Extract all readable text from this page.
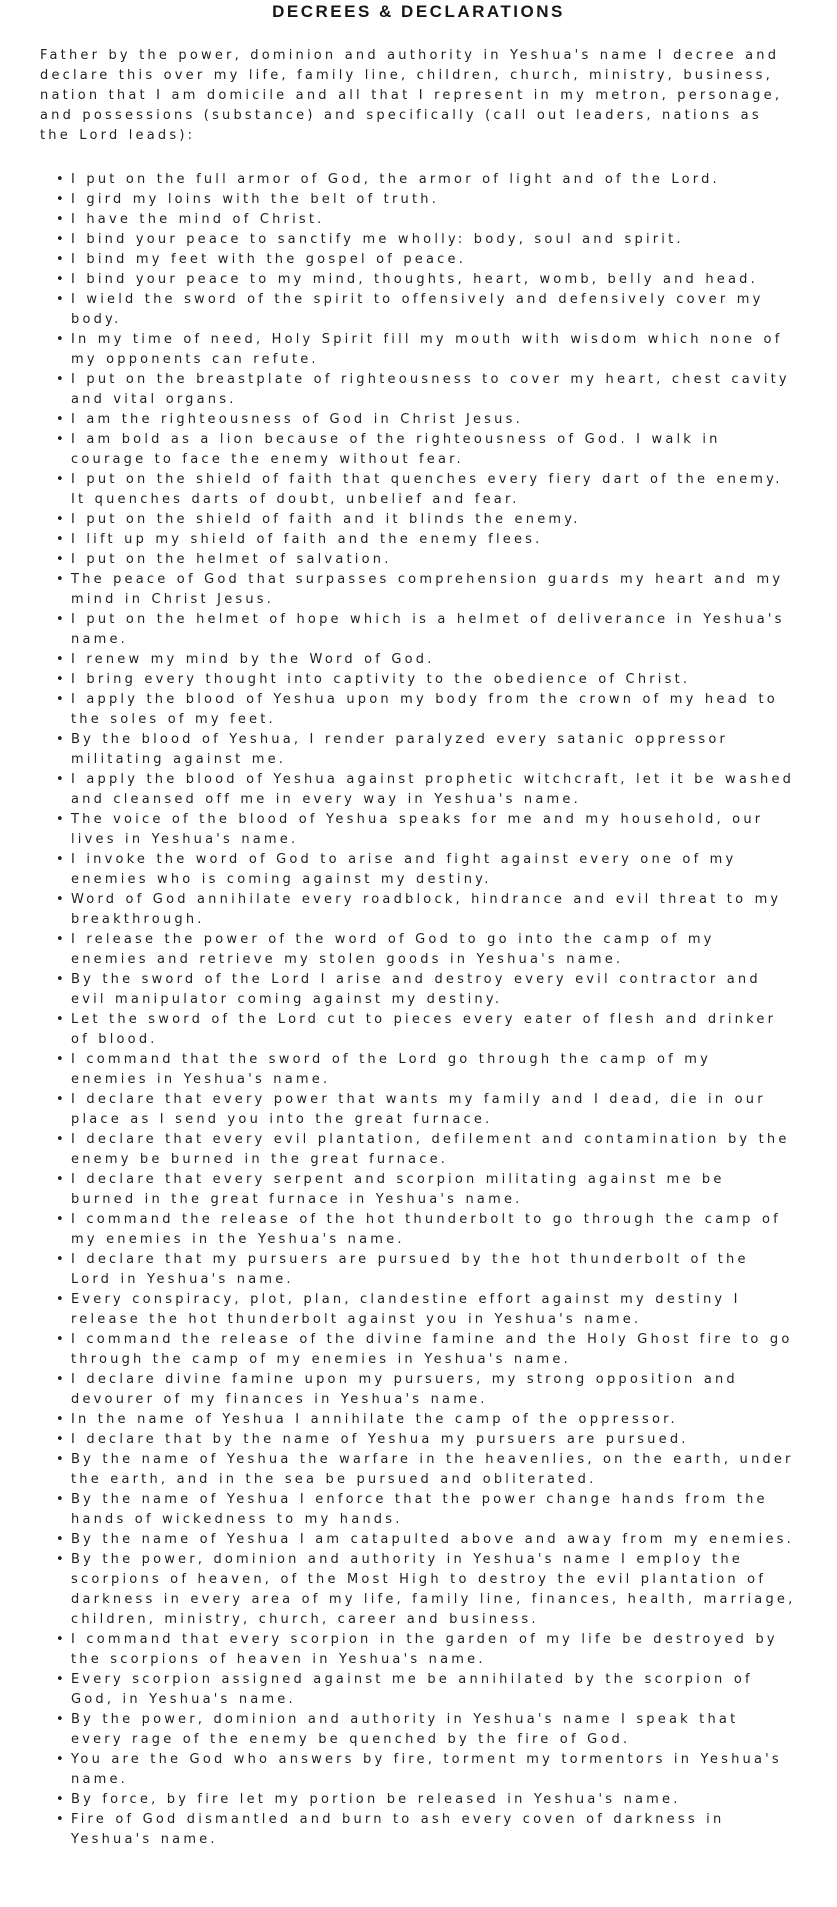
DECREES & DECLARATIONS

Father by the power, dominion and authority in Yeshua's name I decree and declare this over my life, family line, children, church, ministry, business, nation that I am domicile and all that I represent in my metron, personage, and possessions (substance) and specifically (call out leaders, nations as the Lord leads):

• I put on the full armor of God, the armor of light and of the Lord.
• I gird my loins with the belt of truth.
• I have the mind of Christ.
• I bind your peace to sanctify me wholly: body, soul and spirit.
• I bind my feet with the gospel of peace.
• I bind your peace to my mind, thoughts, heart, womb, belly and head.
• I wield the sword of the spirit to offensively and defensively cover my body.
• In my time of need, Holy Spirit fill my mouth with wisdom which none of my opponents can refute.
• I put on the breastplate of righteousness to cover my heart, chest cavity and vital organs.
• I am the righteousness of God in Christ Jesus.
• I am bold as a lion because of the righteousness of God. I walk in courage to face the enemy without fear.
• I put on the shield of faith that quenches every fiery dart of the enemy. It quenches darts of doubt, unbelief and fear.
• I put on the shield of faith and it blinds the enemy.
• I lift up my shield of faith and the enemy flees.
• I put on the helmet of salvation.
• The peace of God that surpasses comprehension guards my heart and my mind in Christ Jesus.
• I put on the helmet of hope which is a helmet of deliverance in Yeshua's name.
• I renew my mind by the Word of God.
• I bring every thought into captivity to the obedience of Christ.
• I apply the blood of Yeshua upon my body from the crown of my head to the soles of my feet.
• By the blood of Yeshua, I render paralyzed every satanic oppressor militating against me.
• I apply the blood of Yeshua against prophetic witchcraft, let it be washed and cleansed off me in every way in Yeshua's name.
• The voice of the blood of Yeshua speaks for me and my household, our lives in Yeshua's name.
• I invoke the word of God to arise and fight against every one of my enemies who is coming against my destiny.
• Word of God annihilate every roadblock, hindrance and evil threat to my breakthrough.
• I release the power of the word of God to go into the camp of my enemies and retrieve my stolen goods in Yeshua's name.
• By the sword of the Lord I arise and destroy every evil contractor and evil manipulator coming against my destiny.
• Let the sword of the Lord cut to pieces every eater of flesh and drinker of blood.
• I command that the sword of the Lord go through the camp of my enemies in Yeshua's name.
• I declare that every power that wants my family and I dead, die in our place as I send you into the great furnace.
• I declare that every evil plantation, defilement and contamination by the enemy be burned in the great furnace.
• I declare that every serpent and scorpion militating against me be burned in the great furnace in Yeshua's name.
• I command the release of the hot thunderbolt to go through the camp of my enemies in the Yeshua's name.
• I declare that my pursuers are pursued by the hot thunderbolt of the Lord in Yeshua's name.
• Every conspiracy, plot, plan, clandestine effort against my destiny I release the hot thunderbolt against you in Yeshua's name.
• I command the release of the divine famine and the Holy Ghost fire to go through the camp of my enemies in Yeshua's name.
• I declare divine famine upon my pursuers, my strong opposition and devourer of my finances in Yeshua's name.
• In the name of Yeshua I annihilate the camp of the oppressor.
• I declare that by the name of Yeshua my pursuers are pursued.
• By the name of Yeshua the warfare in the heavenlies, on the earth, under the earth, and in the sea be pursued and obliterated.
• By the name of Yeshua I enforce that the power change hands from the hands of wickedness to my hands.
• By the name of Yeshua I am catapulted above and away from my enemies.
• By the power, dominion and authority in Yeshua's name I employ the scorpions of heaven, of the Most High to destroy the evil plantation of darkness in every area of my life, family line, finances, health, marriage, children, ministry, church, career and business.
• I command that every scorpion in the garden of my life be destroyed by the scorpions of heaven in Yeshua's name.
• Every scorpion assigned against me be annihilated by the scorpion of God, in Yeshua's name.
• By the power, dominion and authority in Yeshua's name I speak that every rage of the enemy be quenched by the fire of God.
• You are the God who answers by fire, torment my tormentors in Yeshua's name.
• By force, by fire let my portion be released in Yeshua's name.
• Fire of God dismantled and burn to ash every coven of darkness in Yeshua's name.
